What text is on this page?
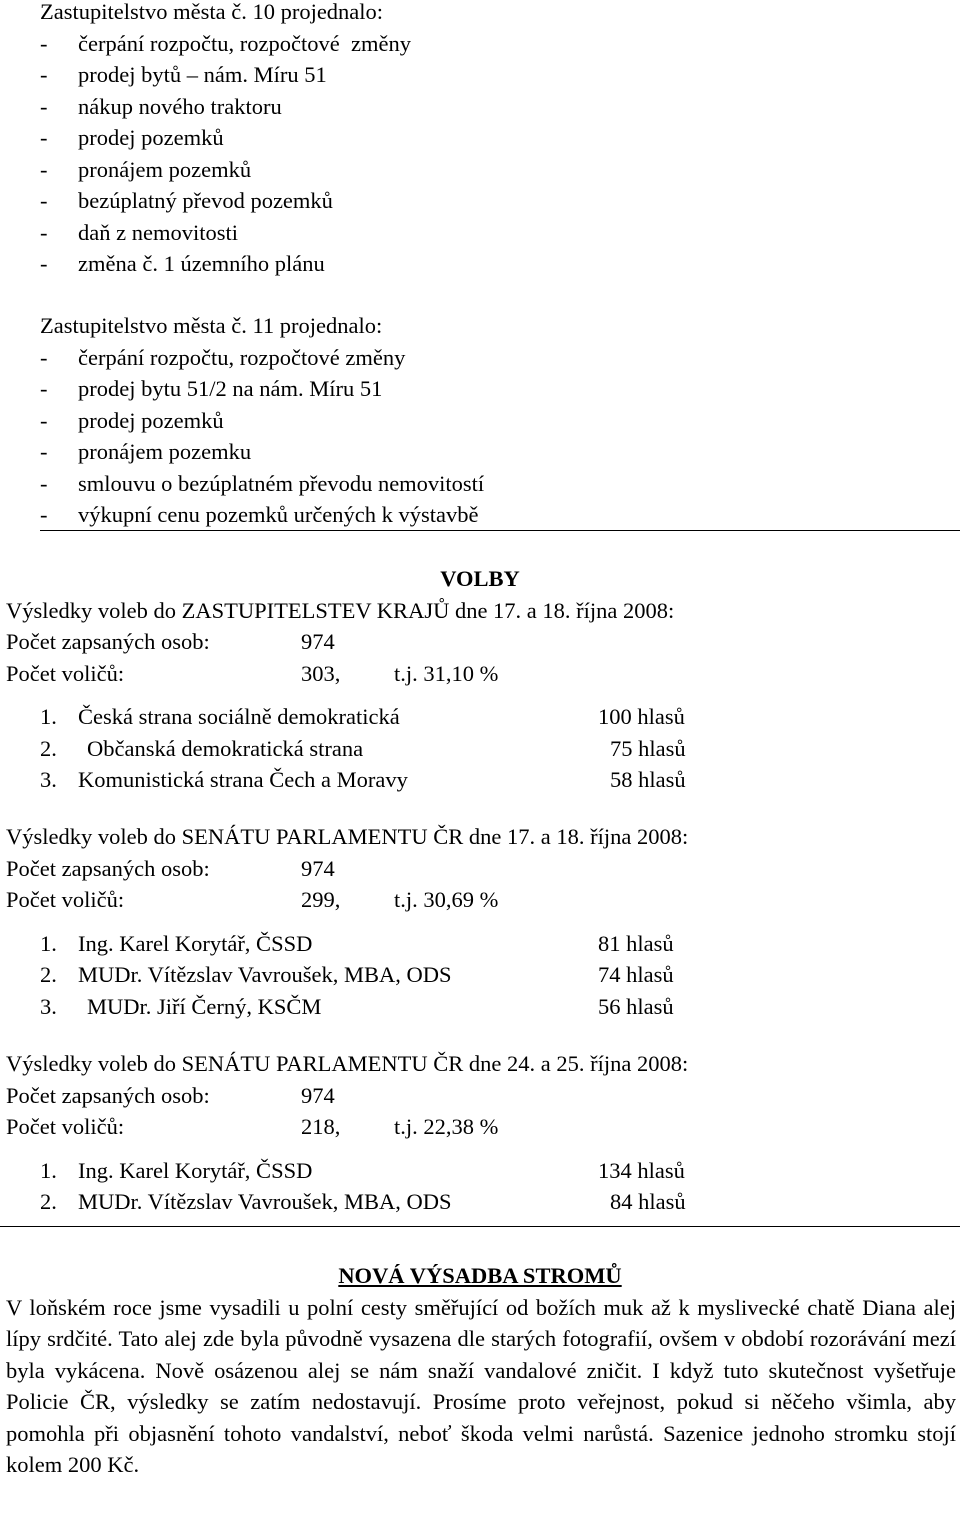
Zastupitelstvo města č. 10 projednalo:
- čerpání rozpočtu, rozpočtové  změny
- prodej bytů – nám. Míru 51
- nákup nového traktoru
- prodej pozemků
- pronájem pozemků
- bezúplatný převod pozemků
- daň z nemovitosti
- změna č. 1 územního plánu
Zastupitelstvo města č. 11 projednalo:
- čerpání rozpočtu, rozpočtové změny
- prodej bytu 51/2 na nám. Míru 51
- prodej pozemků
- pronájem pozemku
- smlouvu o bezúplatném převodu nemovitostí
- výkupní cenu pozemků určených k výstavbě
VOLBY
Výsledky voleb do ZASTUPITELSTEV KRAJŮ dne 17. a 18. října 2008:
Počet zapsaných osob:	974
Počet voličů:	303, t.j. 31,10 %
1. Česká strana sociálně demokratická	100 hlasů
2. Občanská demokratická strana	75 hlasů
3. Komunistická strana Čech a Moravy	58 hlasů
Výsledky voleb do SENÁTU PARLAMENTU ČR dne 17. a 18. října 2008:
Počet zapsaných osob:	974
Počet voličů:	299, t.j. 30,69 %
1. Ing. Karel Korytář, ČSSD	81 hlasů
2. MUDr. Vítězslav Vavroušek, MBA, ODS	74 hlasů
3. MUDr. Jiří Černý, KSČM	56 hlasů
Výsledky voleb do SENÁTU PARLAMENTU ČR dne 24. a 25. října 2008:
Počet zapsaných osob:	974
Počet voličů:	218, t.j. 22,38 %
1. Ing. Karel Korytář, ČSSD	134 hlasů
2. MUDr. Vítězslav Vavroušek, MBA, ODS	84 hlasů
NOVÁ VÝSADBA STROMŮ
V loňském roce jsme vysadili u polní cesty směřující od božích muk až k myslivecké chatě Diana alej lípy srdčité. Tato alej zde byla původně vysazena dle starých fotografií, ovšem v období rozorávání mezí byla vykácena. Nově osázenou alej se nám snaží vandalové zničit. I když tuto skutečnost vyšetřuje Policie ČR, výsledky se zatím nedostavují. Prosíme proto veřejnost, pokud si něčeho všimla, aby pomohla při objasnění tohoto vandalství, neboť škoda velmi narůstá. Sazenice jednoho stromku stojí kolem 200 Kč.
